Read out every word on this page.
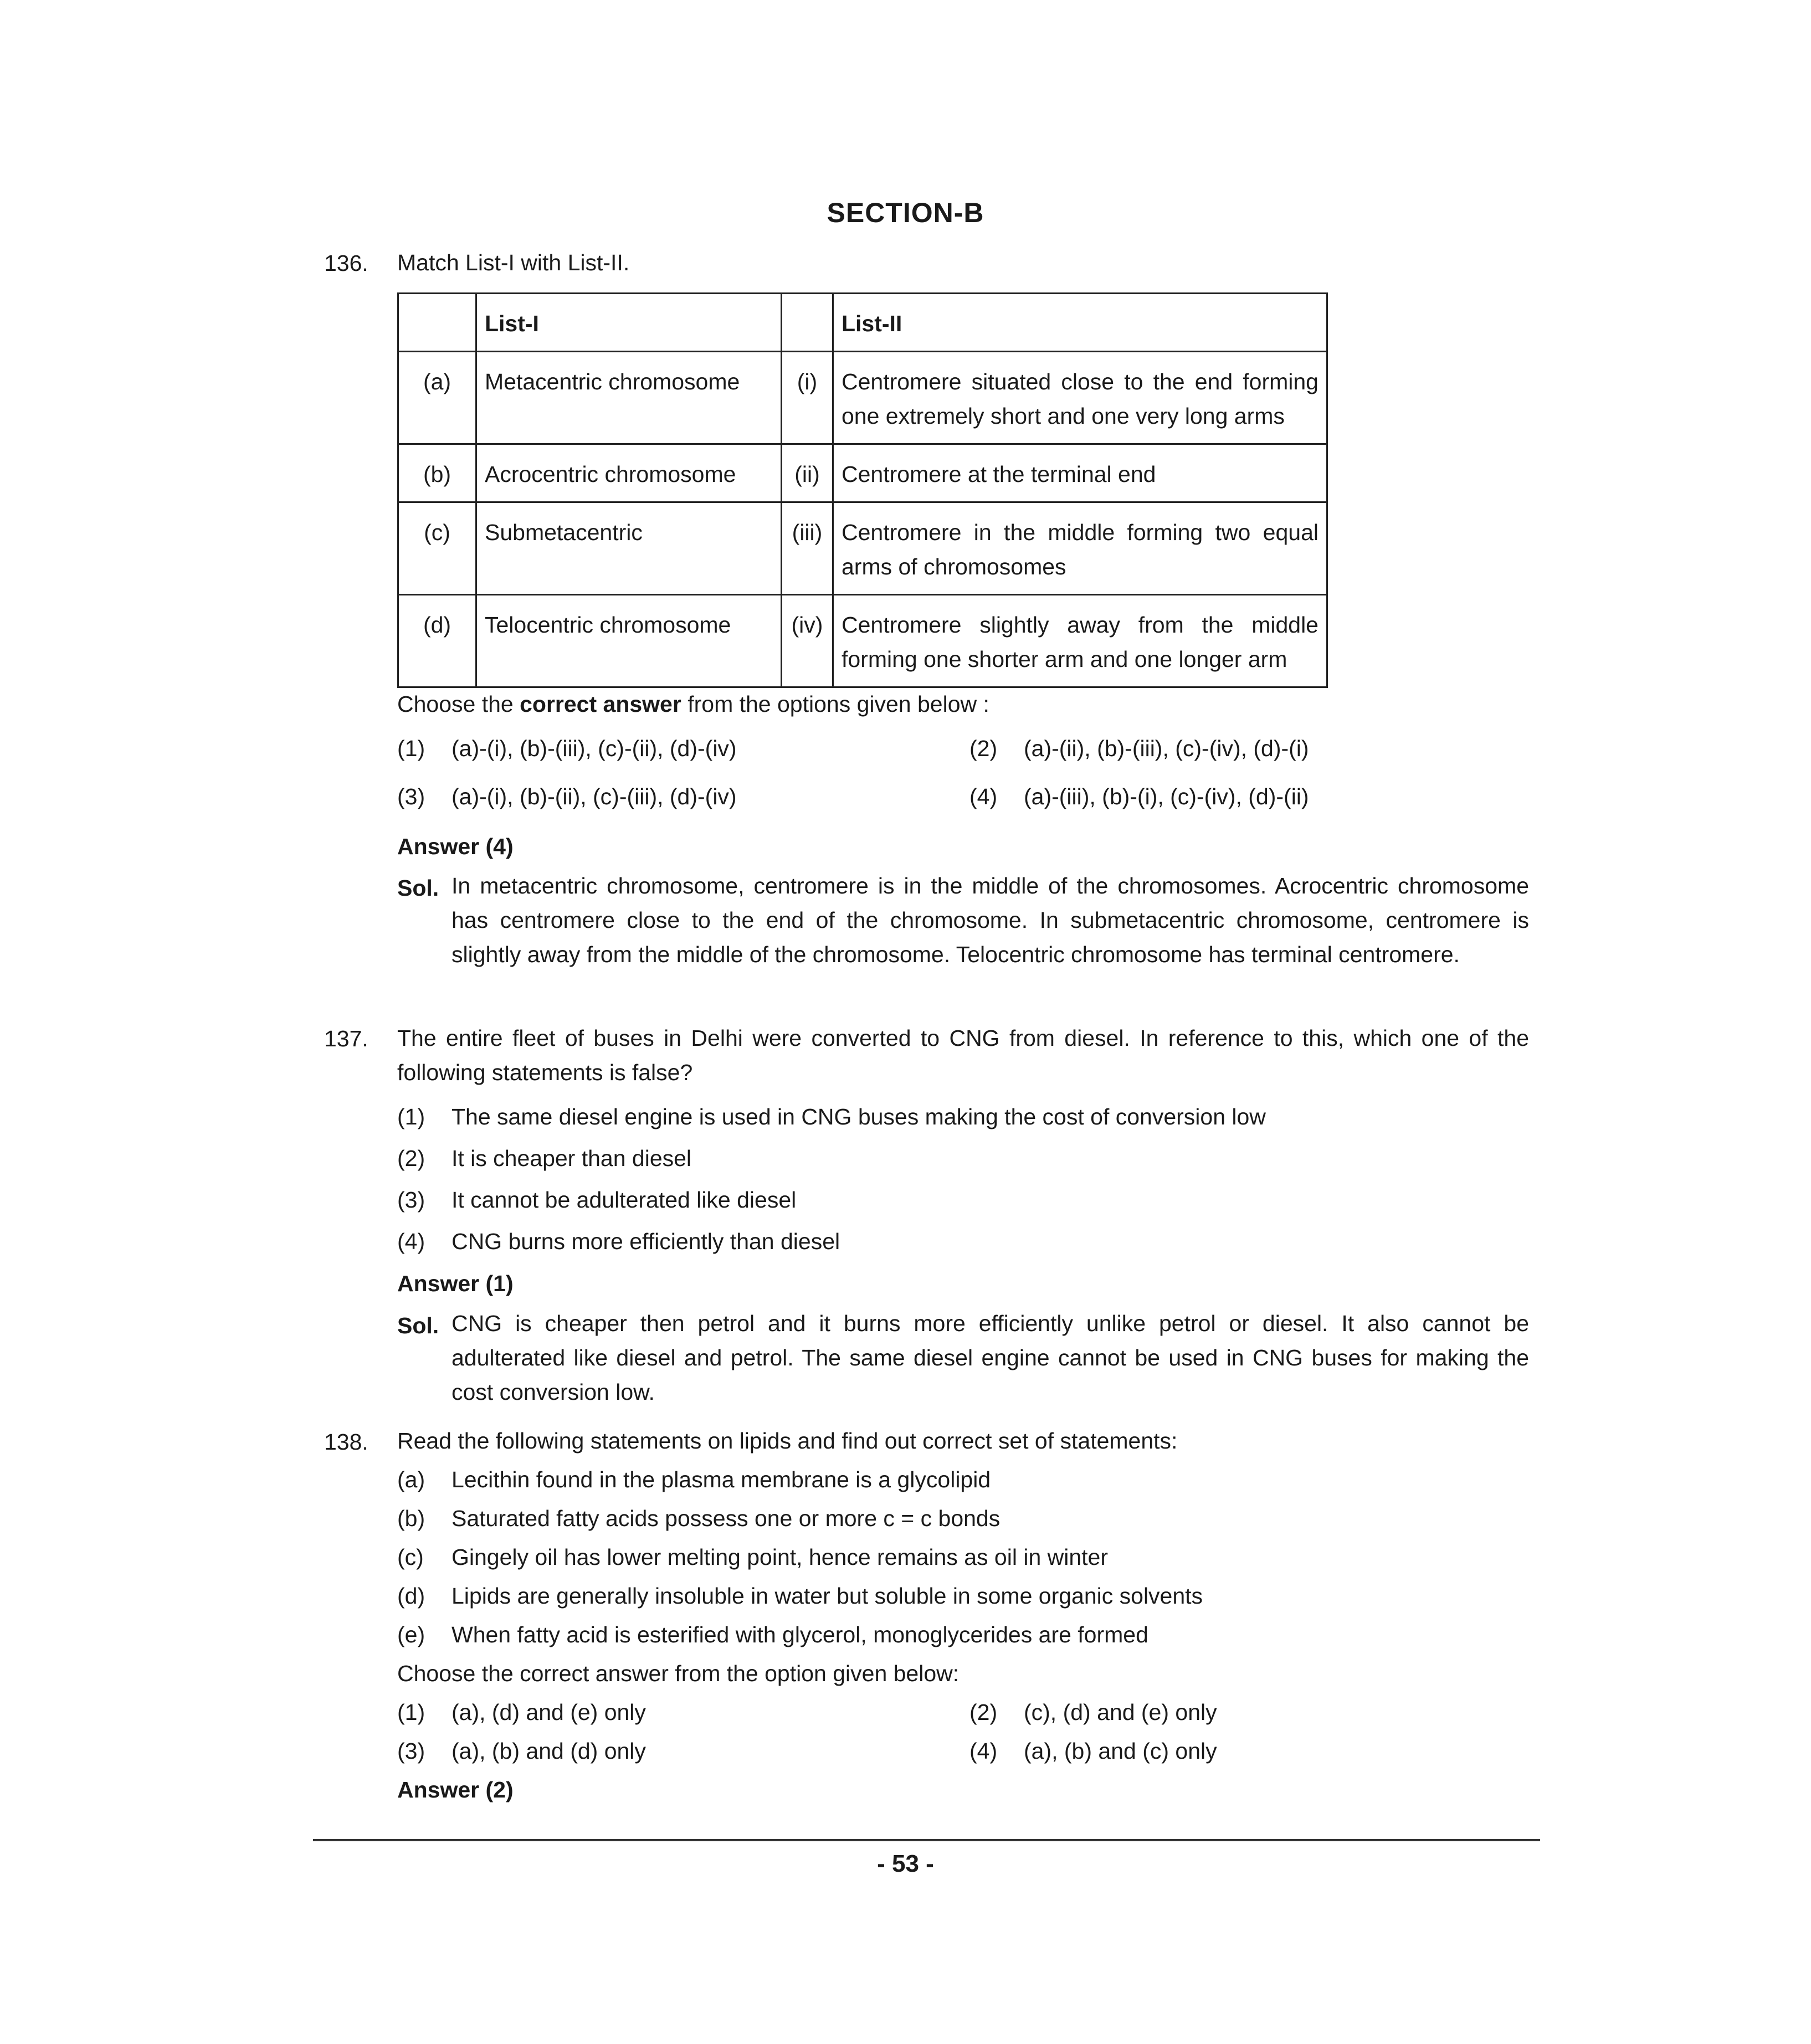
SECTION-B
136. Match List-I with List-II.
	List-I		List-II
(a)	Metacentric chromosome	(i)	Centromere situated close to the end forming one extremely short and one very long arms
(b)	Acrocentric chromosome	(ii)	Centromere at the terminal end
(c)	Submetacentric	(iii)	Centromere in the middle forming two equal arms of chromosomes
(d)	Telocentric chromosome	(iv)	Centromere slightly away from the middle forming one shorter arm and one longer arm
Choose the correct answer from the options given below :
(1) (a)-(i), (b)-(iii), (c)-(ii), (d)-(iv)	(2) (a)-(ii), (b)-(iii), (c)-(iv), (d)-(i)
(3) (a)-(i), (b)-(ii), (c)-(iii), (d)-(iv)	(4) (a)-(iii), (b)-(i), (c)-(iv), (d)-(ii)
Answer (4)
Sol. In metacentric chromosome, centromere is in the middle of the chromosomes. Acrocentric chromosome has centromere close to the end of the chromosome. In submetacentric chromosome, centromere is slightly away from the middle of the chromosome. Telocentric chromosome has terminal centromere.
137. The entire fleet of buses in Delhi were converted to CNG from diesel. In reference to this, which one of the following statements is false?
(1) The same diesel engine is used in CNG buses making the cost of conversion low
(2) It is cheaper than diesel
(3) It cannot be adulterated like diesel
(4) CNG burns more efficiently than diesel
Answer (1)
Sol. CNG is cheaper then petrol and it burns more efficiently unlike petrol or diesel. It also cannot be adulterated like diesel and petrol. The same diesel engine cannot be used in CNG buses for making the cost conversion low.
138. Read the following statements on lipids and find out correct set of statements:
(a) Lecithin found in the plasma membrane is a glycolipid
(b) Saturated fatty acids possess one or more c = c bonds
(c) Gingely oil has lower melting point, hence remains as oil in winter
(d) Lipids are generally insoluble in water but soluble in some organic solvents
(e) When fatty acid is esterified with glycerol, monoglycerides are formed
Choose the correct answer from the option given below:
(1) (a), (d) and (e) only	(2) (c), (d) and (e) only
(3) (a), (b) and (d) only	(4) (a), (b) and (c) only
Answer (2)
- 53 -
